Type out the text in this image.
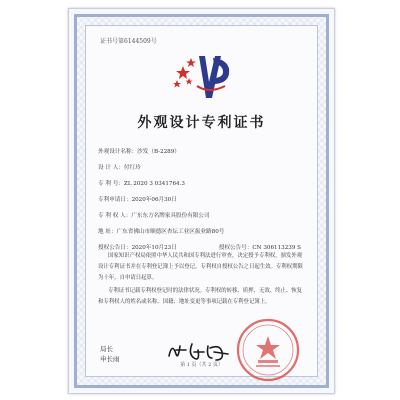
证书号第6144509号
外观设计专利证书
外观设计名称：沙发（B-2289）
设 计 人：付红玲
专 利 号：ZL 2020 3 0341764.3
专利申请日：2020年06月30日
专 利 权 人：广东东方名牌家具股份有限公司
地 址：广东省佛山市顺德区杏坛工业区振业路80号
授权公告日：2020年10月23日	授权公告号：CN 306113239 S

国家知识产权局依照中华人民共和国专利法进行审查，决定授予专利权，颁发外观设计专利证书并在专利登记簿上予以登记。专利权自授权公告之日起生效。专利权期限为十年，自申请日起算。

专利证书记载专利权登记时的法律状况。专利权的转移、质押、无效、终止、恢复和专利权人的姓名或名称、国籍、地址变更等事项记载在专利登记簿上。

局长
申长雨
第 1 页（共 2 页）
